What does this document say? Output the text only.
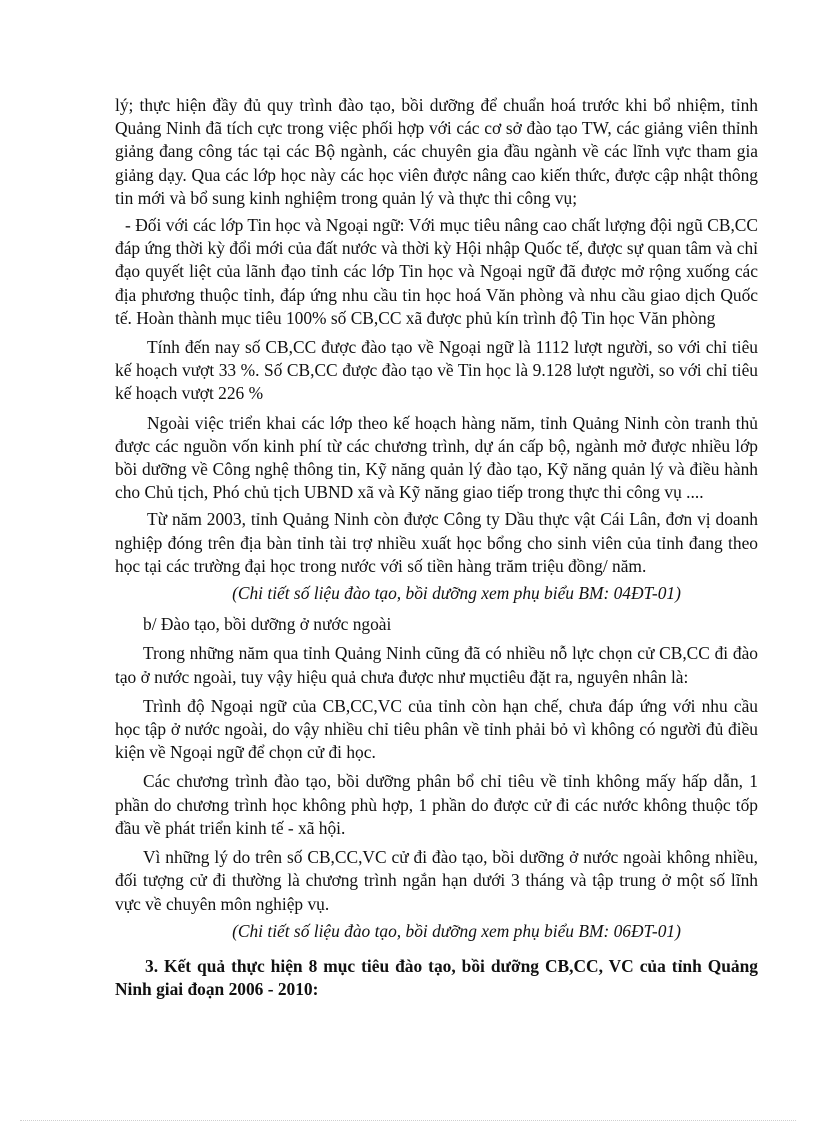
lý; thực hiện đầy đủ quy trình đào tạo, bồi dưỡng để chuẩn hoá trước khi bổ nhiệm, tỉnh Quảng Ninh đã tích cực trong việc phối hợp với các cơ sở đào tạo TW, các giảng viên thỉnh giảng đang công tác tại các Bộ ngành, các chuyên gia đầu ngành về các lĩnh vực tham gia giảng dạy. Qua các lớp học này các học viên được nâng cao kiến thức, được cập nhật thông tin mới và bổ sung kinh nghiệm trong quản lý và thực thi công vụ;

- Đối với các lớp Tin học và Ngoại ngữ: Với mục tiêu nâng cao chất lượng đội ngũ CB,CC đáp ứng thời kỳ đổi mới của đất nước và thời kỳ Hội nhập Quốc tế, được sự quan tâm và chỉ đạo quyết liệt của lãnh đạo tỉnh các lớp Tin học và Ngoại ngữ đã được mở rộng xuống các địa phương thuộc tỉnh, đáp ứng nhu cầu tin học hoá Văn phòng và nhu cầu giao dịch Quốc tế. Hoàn thành mục tiêu 100% số CB,CC xã được phủ kín trình độ Tin học Văn phòng

Tính đến nay số CB,CC được đào tạo về Ngoại ngữ là 1112 lượt người, so với chỉ tiêu kế hoạch vượt 33 %. Số CB,CC được đào tạo về Tin học là 9.128 lượt người, so với chỉ tiêu kế hoạch vượt 226 %

Ngoài việc triển khai các lớp theo kế hoạch hàng năm, tỉnh Quảng Ninh còn tranh thủ được các nguồn vốn kinh phí từ các chương trình, dự án cấp bộ, ngành mở được nhiều lớp bồi dưỡng về Công nghệ thông tin, Kỹ năng quản lý đào tạo, Kỹ năng quản lý và điều hành cho Chủ tịch, Phó chủ tịch UBND xã và Kỹ năng giao tiếp trong thực thi công vụ ....

Từ năm 2003, tỉnh Quảng Ninh còn được Công ty Dầu thực vật Cái Lân, đơn vị doanh nghiệp đóng trên địa bàn tỉnh tài trợ nhiều xuất học bổng cho sinh viên của tỉnh đang theo học tại các trường đại học trong nước với số tiền hàng trăm triệu đồng/ năm.

(Chi tiết số liệu đào tạo, bồi dưỡng xem phụ biểu BM: 04ĐT-01)

b/ Đào tạo, bồi dưỡng ở nước ngoài

Trong những năm qua tỉnh Quảng Ninh cũng đã có nhiều nỗ lực chọn cử CB,CC đi đào tạo ở nước ngoài, tuy vậy hiệu quả chưa được như mụctiêu đặt ra, nguyên nhân là:

Trình độ Ngoại ngữ của CB,CC,VC của tỉnh còn hạn chế, chưa đáp ứng với nhu cầu học tập ở nước ngoài, do vậy nhiều chỉ tiêu phân về tỉnh phải bỏ vì không có người đủ điều kiện về Ngoại ngữ để chọn cử đi học.

Các chương trình đào tạo, bồi dưỡng phân bổ chỉ tiêu về tỉnh không mấy hấp dẫn, 1 phần do chương trình học không phù hợp, 1 phần do được cử đi các nước không thuộc tốp đầu về phát triển kinh tế - xã hội.

Vì những lý do trên số CB,CC,VC cử đi đào tạo, bồi dưỡng ở nước ngoài không nhiều, đối tượng cử đi thường là chương trình ngắn hạn dưới 3 tháng và tập trung ở một số lĩnh vực về chuyên môn nghiệp vụ.

(Chi tiết số liệu đào tạo, bồi dưỡng xem phụ biểu BM: 06ĐT-01)

3. Kết quả thực hiện 8 mục tiêu đào tạo, bồi dưỡng CB,CC, VC của tỉnh Quảng Ninh giai đoạn 2006 - 2010:
